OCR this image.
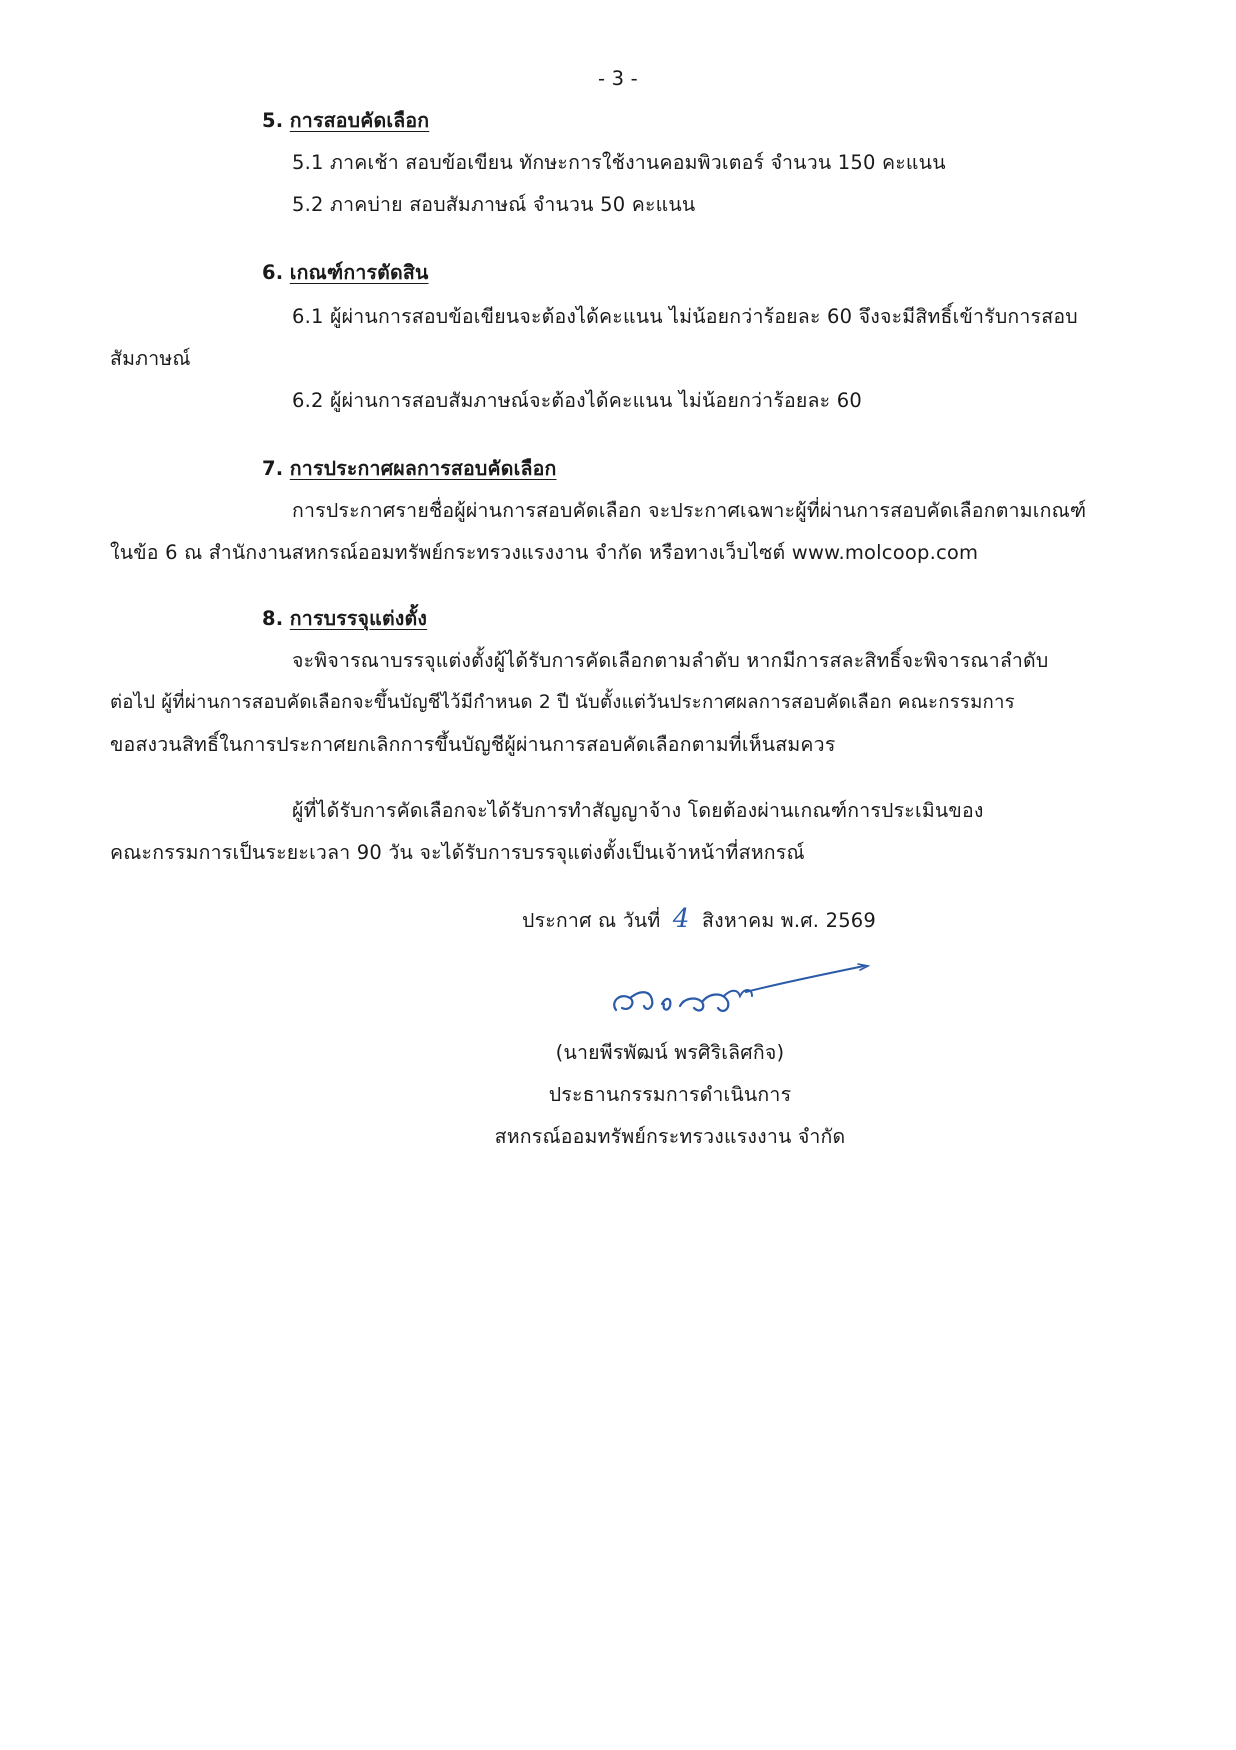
- 3 -
5. การสอบคัดเลือก
5.1 ภาคเช้า สอบข้อเขียน ทักษะการใช้งานคอมพิวเตอร์ จำนวน 150 คะแนน
5.2 ภาคบ่าย สอบสัมภาษณ์ จำนวน 50 คะแนน
6. เกณฑ์การตัดสิน
6.1 ผู้ผ่านการสอบข้อเขียนจะต้องได้คะแนน ไม่น้อยกว่าร้อยละ 60 จึงจะมีสิทธิ์เข้ารับการสอบ
สัมภาษณ์
6.2 ผู้ผ่านการสอบสัมภาษณ์จะต้องได้คะแนน ไม่น้อยกว่าร้อยละ 60
7. การประกาศผลการสอบคัดเลือก
การประกาศรายชื่อผู้ผ่านการสอบคัดเลือก จะประกาศเฉพาะผู้ที่ผ่านการสอบคัดเลือกตามเกณฑ์
ในข้อ 6 ณ สำนักงานสหกรณ์ออมทรัพย์กระทรวงแรงงาน จำกัด หรือทางเว็บไซต์ www.molcoop.com
8. การบรรจุแต่งตั้ง
จะพิจารณาบรรจุแต่งตั้งผู้ได้รับการคัดเลือกตามลำดับ หากมีการสละสิทธิ์จะพิจารณาลำดับ
ต่อไป ผู้ที่ผ่านการสอบคัดเลือกจะขึ้นบัญชีไว้มีกำหนด 2 ปี นับตั้งแต่วันประกาศผลการสอบคัดเลือก คณะกรรมการ
ขอสงวนสิทธิ์ในการประกาศยกเลิกการขึ้นบัญชีผู้ผ่านการสอบคัดเลือกตามที่เห็นสมควร
ผู้ที่ได้รับการคัดเลือกจะได้รับการทำสัญญาจ้าง โดยต้องผ่านเกณฑ์การประเมินของ
คณะกรรมการเป็นระยะเวลา 90 วัน จะได้รับการบรรจุแต่งตั้งเป็นเจ้าหน้าที่สหกรณ์
ประกาศ ณ วันที่ 4 สิงหาคม พ.ศ. 2569
(นายพีรพัฒน์ พรศิริเลิศกิจ)
ประธานกรรมการดำเนินการ
สหกรณ์ออมทรัพย์กระทรวงแรงงาน จำกัด
